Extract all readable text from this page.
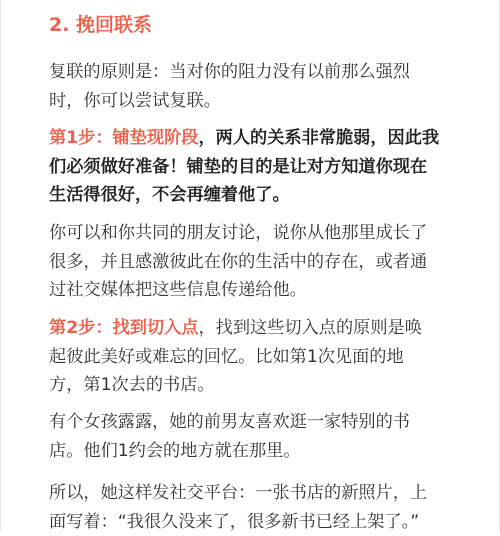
2. 挽回联系

复联的原则是：当对你的阻力没有以前那么强烈
时，你可以尝试复联。

第1步：铺垫现阶段，两人的关系非常脆弱，因此我
们必须做好准备！铺垫的目的是让对方知道你现在
生活得很好，不会再缠着他了。

你可以和你共同的朋友讨论，说你从他那里成长了
很多，并且感激彼此在你的生活中的存在，或者通
过社交媒体把这些信息传递给他。

第2步：找到切入点，找到这些切入点的原则是唤
起彼此美好或难忘的回忆。比如第1次见面的地
方，第1次去的书店。

有个女孩露露，她的前男友喜欢逛一家特别的书
店。他们1约会的地方就在那里。

所以，她这样发社交平台：一张书店的新照片，上
面写着：“我很久没来了，很多新书已经上架了。”
